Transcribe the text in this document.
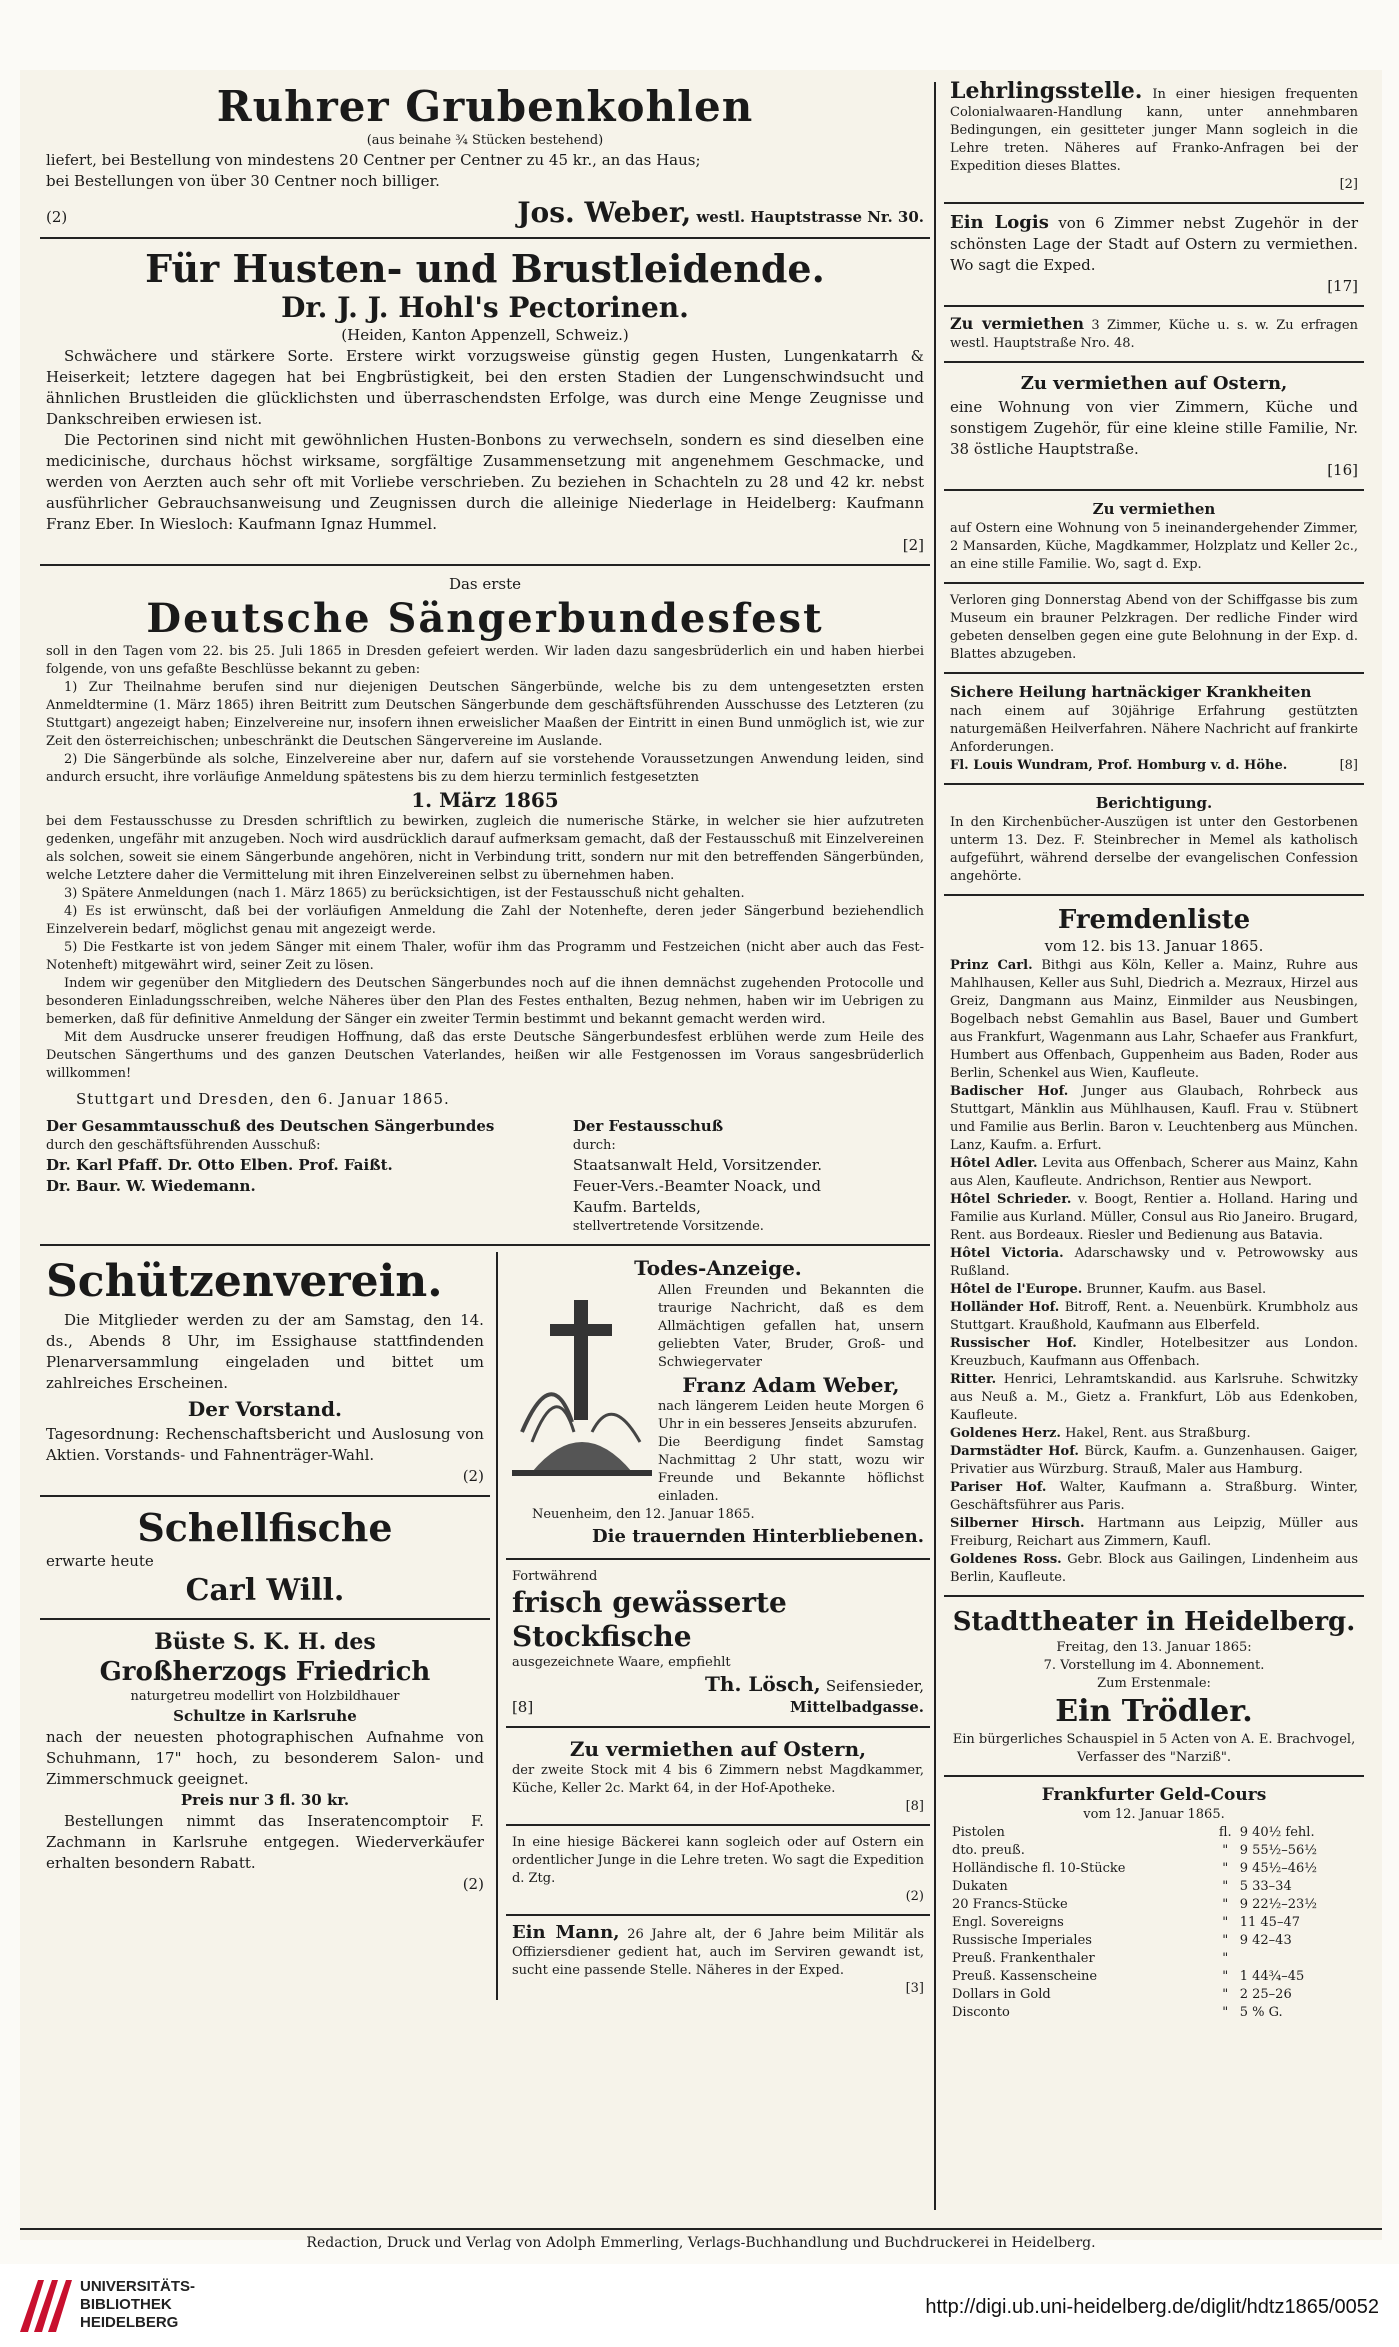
Ruhrer Grubenkohlen

(aus beinahe ¾ Stücken bestehend)

liefert, bei Bestellung von mindestens 20 Centner per Centner zu 45 kr., an das Haus;

bei Bestellungen von über 30 Centner noch billiger.

(2)	Jos. Weber, westl. Hauptstrasse Nr. 30.

Für Husten- und Brustleidende.

Dr. J. J. Hohl's Pectorinen.

(Heiden, Kanton Appenzell, Schweiz.)

Schwächere und stärkere Sorte. Erstere wirkt vorzugsweise günstig gegen Husten, Lungenkatarrh & Heiserkeit; letztere dagegen hat bei Engbrüstigkeit, bei den ersten Stadien der Lungenschwindsucht und ähnlichen Brustleiden die glücklichsten und überraschendsten Erfolge, was durch eine Menge Zeugnisse und Dankschreiben erwiesen ist.

Die Pectorinen sind nicht mit gewöhnlichen Husten-Bonbons zu verwechseln, sondern es sind dieselben eine medicinische, durchaus höchst wirksame, sorgfältige Zusammensetzung mit angenehmem Geschmacke, und werden von Aerzten auch sehr oft mit Vorliebe verschrieben. Zu beziehen in Schachteln zu 28 und 42 kr. nebst ausführlicher Gebrauchsanweisung und Zeugnissen durch die alleinige Niederlage in Heidelberg: Kaufmann Franz Eber. In Wiesloch: Kaufmann Ignaz Hummel.

[2]

Das erste

Deutsche Sängerbundesfest

soll in den Tagen vom 22. bis 25. Juli 1865 in Dresden gefeiert werden. Wir laden dazu sangesbrüderlich ein und haben hierbei folgende, von uns gefaßte Beschlüsse bekannt zu geben:

1) Zur Theilnahme berufen sind nur diejenigen Deutschen Sängerbünde, welche bis zu dem untengesetzten ersten Anmeldtermine (1. März 1865) ihren Beitritt zum Deutschen Sängerbunde dem geschäftsführenden Ausschusse des Letzteren (zu Stuttgart) angezeigt haben; Einzelvereine nur, insofern ihnen erweislicher Maaßen der Eintritt in einen Bund unmöglich ist, wie zur Zeit den österreichischen; unbeschränkt die Deutschen Sängervereine im Auslande.

2) Die Sängerbünde als solche, Einzelvereine aber nur, dafern auf sie vorstehende Voraussetzungen Anwendung leiden, sind andurch ersucht, ihre vorläufige Anmeldung spätestens bis zu dem hierzu terminlich festgesetzten

1. März 1865

bei dem Festausschusse zu Dresden schriftlich zu bewirken, zugleich die numerische Stärke, in welcher sie hier aufzutreten gedenken, ungefähr mit anzugeben. Noch wird ausdrücklich darauf aufmerksam gemacht, daß der Festausschuß mit Einzelvereinen als solchen, soweit sie einem Sängerbunde angehören, nicht in Verbindung tritt, sondern nur mit den betreffenden Sängerbünden, welche Letztere daher die Vermittelung mit ihren Einzelvereinen selbst zu übernehmen haben.

3) Spätere Anmeldungen (nach 1. März 1865) zu berücksichtigen, ist der Festausschuß nicht gehalten.

4) Es ist erwünscht, daß bei der vorläufigen Anmeldung die Zahl der Notenhefte, deren jeder Sängerbund beziehendlich Einzelverein bedarf, möglichst genau mit angezeigt werde.

5) Die Festkarte ist von jedem Sänger mit einem Thaler, wofür ihm das Programm und Festzeichen (nicht aber auch das Fest-Notenheft) mitgewährt wird, seiner Zeit zu lösen.

Indem wir gegenüber den Mitgliedern des Deutschen Sängerbundes noch auf die ihnen demnächst zugehenden Protocolle und besonderen Einladungsschreiben, welche Näheres über den Plan des Festes enthalten, Bezug nehmen, haben wir im Uebrigen zu bemerken, daß für definitive Anmeldung der Sänger ein zweiter Termin bestimmt und bekannt gemacht werden wird.

Mit dem Ausdrucke unserer freudigen Hoffnung, daß das erste Deutsche Sängerbundesfest erblühen werde zum Heile des Deutschen Sängerthums und des ganzen Deutschen Vaterlandes, heißen wir alle Festgenossen im Voraus sangesbrüderlich willkommen!

Stuttgart und Dresden, den 6. Januar 1865.

Der Gesammtausschuß des Deutschen Sängerbundes

durch den geschäftsführenden Ausschuß:

Dr. Karl Pfaff. Dr. Otto Elben. Prof. Faißt.

Dr. Baur. W. Wiedemann.

Der Festausschuß

durch:

Staatsanwalt Held, Vorsitzender.

Feuer-Vers.-Beamter Noack, und

Kaufm. Bartelds,

stellvertretende Vorsitzende.

Schützenverein.

Die Mitglieder werden zu der am Samstag, den 14. ds., Abends 8 Uhr, im Essighause stattfindenden Plenarversammlung eingeladen und bittet um zahlreiches Erscheinen.

Der Vorstand.

Tagesordnung: Rechenschaftsbericht und Auslosung von Aktien. Vorstands- und Fahnenträger-Wahl.

(2)

Schellfische

erwarte heute

Carl Will.

Büste S. K. H. des

Großherzogs Friedrich

naturgetreu modellirt von Holzbildhauer

Schultze in Karlsruhe

nach der neuesten photographischen Aufnahme von Schuhmann, 17" hoch, zu besonderem Salon- und Zimmerschmuck geeignet.

Preis nur 3 fl. 30 kr.

Bestellungen nimmt das Inseratencomptoir F. Zachmann in Karlsruhe entgegen. Wiederverkäufer erhalten besondern Rabatt.

(2)

Todes-Anzeige.

Allen Freunden und Bekannten die traurige Nachricht, daß es dem Allmächtigen gefallen hat, unsern geliebten Vater, Bruder, Groß- und Schwiegervater

Franz Adam Weber,

nach längerem Leiden heute Morgen 6 Uhr in ein besseres Jenseits abzurufen.

Die Beerdigung findet Samstag Nachmittag 2 Uhr statt, wozu wir Freunde und Bekannte höflichst einladen.

Neuenheim, den 12. Januar 1865.

Die trauernden Hinterbliebenen.

Fortwährend

frisch gewässerte Stockfische

ausgezeichnete Waare, empfiehlt

Th. Lösch, Seifensieder,

[8]	Mittelbadgasse.

Zu vermiethen auf Ostern,

der zweite Stock mit 4 bis 6 Zimmern nebst Magdkammer, Küche, Keller 2c. Markt 64, in der Hof-Apotheke.

[8]

In eine hiesige Bäckerei kann sogleich oder auf Ostern ein ordentlicher Junge in die Lehre treten. Wo sagt die Expedition d. Ztg.

(2)

Ein Mann, 26 Jahre alt, der 6 Jahre beim Militär als Offiziersdiener gedient hat, auch im Serviren gewandt ist, sucht eine passende Stelle. Näheres in der Exped.

[3]

Lehrlingsstelle. In einer hiesigen frequenten Colonialwaaren-Handlung kann, unter annehmbaren Bedingungen, ein gesitteter junger Mann sogleich in die Lehre treten. Näheres auf Franko-Anfragen bei der Expedition dieses Blattes.

[2]

Ein Logis von 6 Zimmer nebst Zugehör in der schönsten Lage der Stadt auf Ostern zu vermiethen. Wo sagt die Exped.

[17]

Zu vermiethen 3 Zimmer, Küche u. s. w. Zu erfragen westl. Hauptstraße Nro. 48.

Zu vermiethen auf Ostern,

eine Wohnung von vier Zimmern, Küche und sonstigem Zugehör, für eine kleine stille Familie, Nr. 38 östliche Hauptstraße.

[16]

Zu vermiethen

auf Ostern eine Wohnung von 5 ineinandergehender Zimmer, 2 Mansarden, Küche, Magdkammer, Holzplatz und Keller 2c., an eine stille Familie. Wo, sagt d. Exp.

Verloren ging Donnerstag Abend von der Schiffgasse bis zum Museum ein brauner Pelzkragen. Der redliche Finder wird gebeten denselben gegen eine gute Belohnung in der Exp. d. Blattes abzugeben.

Sichere Heilung hartnäckiger Krankheiten

nach einem auf 30jährige Erfahrung gestützten naturgemäßen Heilverfahren. Nähere Nachricht auf frankirte Anforderungen.

Fl. Louis Wundram, Prof. Homburg v. d. Höhe.	[8]

Berichtigung.

In den Kirchenbücher-Auszügen ist unter den Gestorbenen unterm 13. Dez. F. Steinbrecher in Memel als katholisch aufgeführt, während derselbe der evangelischen Confession angehörte.

Fremdenliste

vom 12. bis 13. Januar 1865.

Prinz Carl. Bithgi aus Köln, Keller a. Mainz, Ruhre aus Mahlhausen, Keller aus Suhl, Diedrich a. Mezraux, Hirzel aus Greiz, Dangmann aus Mainz, Einmilder aus Neusbingen, Bogelbach nebst Gemahlin aus Basel, Bauer und Gumbert aus Frankfurt, Wagenmann aus Lahr, Schaefer aus Frankfurt, Humbert aus Offenbach, Guppenheim aus Baden, Roder aus Berlin, Schenkel aus Wien, Kaufleute.

Badischer Hof. Junger aus Glaubach, Rohrbeck aus Stuttgart, Mänklin aus Mühlhausen, Kaufl. Frau v. Stübnert und Familie aus Berlin. Baron v. Leuchtenberg aus München. Lanz, Kaufm. a. Erfurt.

Hôtel Adler. Levita aus Offenbach, Scherer aus Mainz, Kahn aus Alen, Kaufleute. Andrichson, Rentier aus Newport.

Hôtel Schrieder. v. Boogt, Rentier a. Holland. Haring und Familie aus Kurland. Müller, Consul aus Rio Janeiro. Brugard, Rent. aus Bordeaux. Riesler und Bedienung aus Batavia.

Hôtel Victoria. Adarschawsky und v. Petrowowsky aus Rußland.

Hôtel de l'Europe. Brunner, Kaufm. aus Basel.

Holländer Hof. Bitroff, Rent. a. Neuenbürk. Krumbholz aus Stuttgart. Kraußhold, Kaufmann aus Elberfeld.

Russischer Hof. Kindler, Hotelbesitzer aus London. Kreuzbuch, Kaufmann aus Offenbach.

Ritter. Henrici, Lehramtskandid. aus Karlsruhe. Schwitzky aus Neuß a. M., Gietz a. Frankfurt, Löb aus Edenkoben, Kaufleute.

Goldenes Herz. Hakel, Rent. aus Straßburg.

Darmstädter Hof. Bürck, Kaufm. a. Gunzenhausen. Gaiger, Privatier aus Würzburg. Strauß, Maler aus Hamburg.

Pariser Hof. Walter, Kaufmann a. Straßburg. Winter, Geschäftsführer aus Paris.

Silberner Hirsch. Hartmann aus Leipzig, Müller aus Freiburg, Reichart aus Zimmern, Kaufl.

Goldenes Ross. Gebr. Block aus Gailingen, Lindenheim aus Berlin, Kaufleute.

Stadttheater in Heidelberg.

Freitag, den 13. Januar 1865:

7. Vorstellung im 4. Abonnement.

Zum Erstenmale:

Ein Trödler.

Ein bürgerliches Schauspiel in 5 Acten von A. E. Brachvogel, Verfasser des "Narziß".

Frankfurter Geld-Cours

vom 12. Januar 1865.

Pistolen	fl.	9 40½ fehl.
dto. preuß.	"	9 55½–56½
Holländische fl. 10-Stücke	"	9 45½–46½
Dukaten	"	5 33–34
20 Francs-Stücke	"	9 22½–23½
Engl. Sovereigns	"	11 45–47
Russische Imperiales	"	9 42–43
Preuß. Frankenthaler	"	
Preuß. Kassenscheine	"	1 44¾–45
Dollars in Gold	"	2 25–26
Disconto	"	5 % G.
Redaction, Druck und Verlag von Adolph Emmerling, Verlags-Buchhandlung und Buchdruckerei in Heidelberg.
UNIVERSITÄTS-
BIBLIOTHEK
HEIDELBERG
http://digi.ub.uni-heidelberg.de/diglit/hdtz1865/0052
